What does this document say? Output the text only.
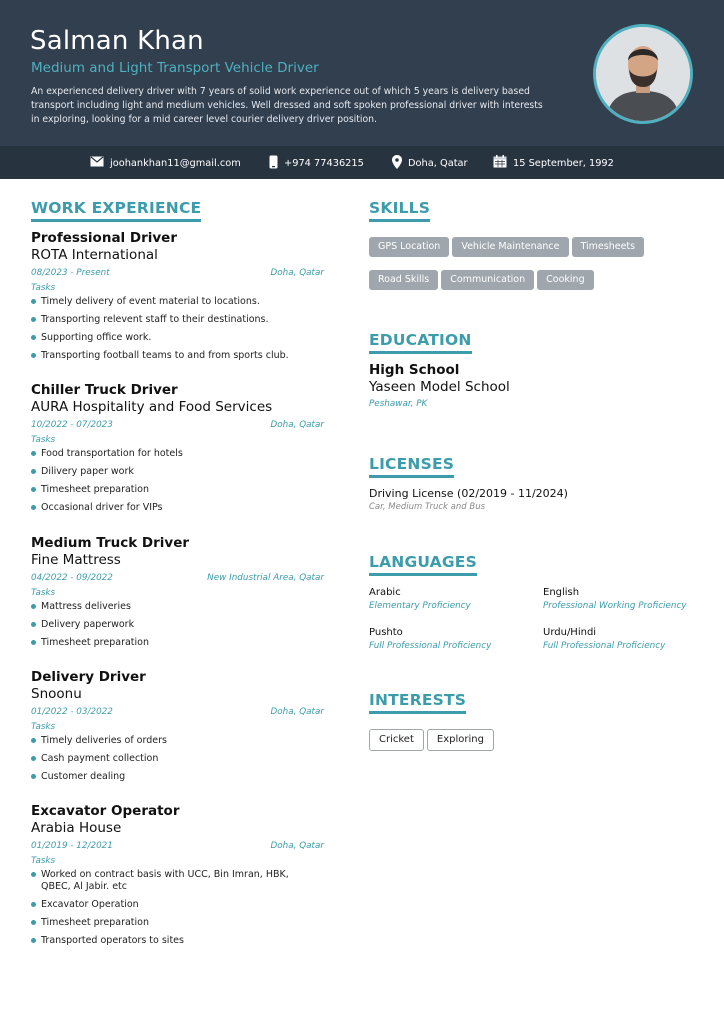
Salman Khan
Medium and Light Transport Vehicle Driver
An experienced delivery driver with 7 years of solid work experience out of which 5 years is delivery based transport including light and medium vehicles. Well dressed and soft spoken professional driver with interests in exploring, looking for a mid career level courier delivery driver position.
joohankhan11@gmail.com	+974 77436215	Doha, Qatar	15 September, 1992
WORK EXPERIENCE
Professional Driver
ROTA International
08/2023 - Present	Doha, Qatar
Tasks
Timely delivery of event material to locations.
Transporting relevent staff to their destinations.
Supporting office work.
Transporting football teams to and from sports club.
Chiller Truck Driver
AURA Hospitality and Food Services
10/2022 - 07/2023	Doha, Qatar
Tasks
Food transportation for hotels
Dilivery paper work
Timesheet preparation
Occasional driver for VIPs
Medium Truck Driver
Fine Mattress
04/2022 - 09/2022	New Industrial Area, Qatar
Tasks
Mattress deliveries
Delivery paperwork
Timesheet preparation
Delivery Driver
Snoonu
01/2022 - 03/2022	Doha, Qatar
Tasks
Timely deliveries of orders
Cash payment collection
Customer dealing
Excavator Operator
Arabia House
01/2019 - 12/2021	Doha, Qatar
Tasks
Worked on contract basis with UCC, Bin Imran, HBK, QBEC, Al Jabir. etc
Excavator Operation
Timesheet preparation
Transported operators to sites
SKILLS
GPS Location Vehicle Maintenance Timesheets
Road Skills Communication Cooking
EDUCATION
High School
Yaseen Model School
Peshawar, PK
LICENSES
Driving License (02/2019 - 11/2024)
Car, Medium Truck and Bus
LANGUAGES
Arabic
Elementary Proficiency
English
Professional Working Proficiency
Pushto
Full Professional Proficiency
Urdu/Hindi
Full Professional Proficiency
INTERESTS
Cricket Exploring
